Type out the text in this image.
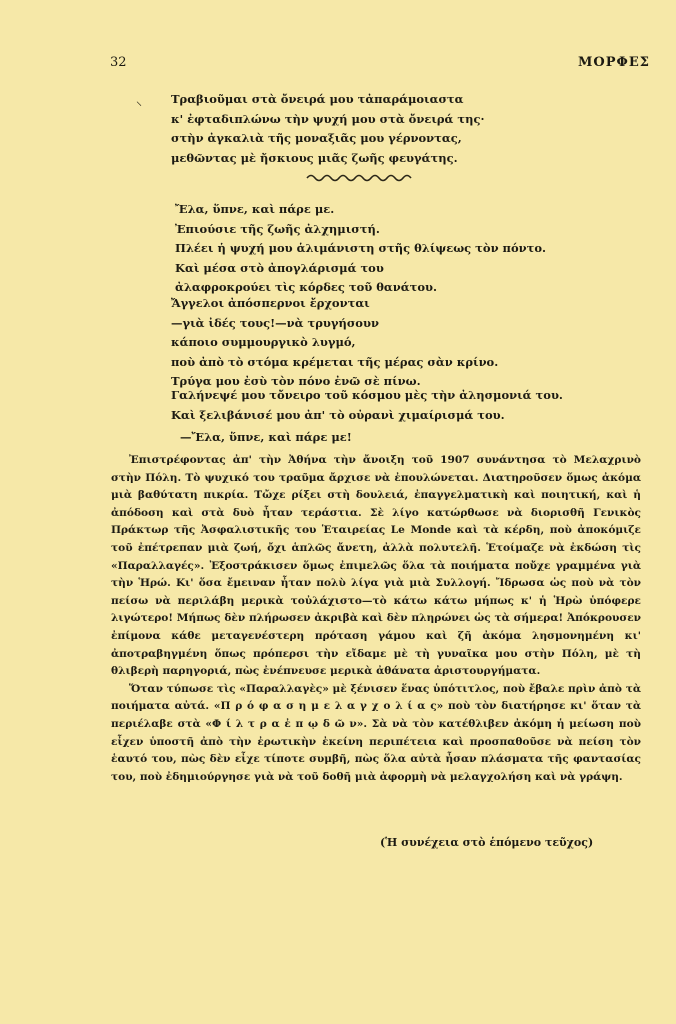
32	ΜΟΡΦΕΣ
⸜	Τραβιοῦμαι στὰ ὄνειρά μου τἀπαράμοιαστα
κ' ἐφταδιπλώνω τὴν ψυχή μου στὰ ὄνειρά της·
στὴν ἀγκαλιὰ τῆς μοναξιᾶς μου γέρνοντας,
μεθῶντας μὲ ἤσκιους μιᾶς ζωῆς φευγάτης.
Ἔλα, ὕπνε, καὶ πάρε με.
Ἐπιούσιε τῆς ζωῆς ἀλχημιστή.
Πλέει ἡ ψυχή μου ἁλιμάνιστη στῆς θλίψεως τὸν πόντο.
Καὶ μέσα στὸ ἀπογλάρισμά του
ἀλαφροκρούει τὶς κόρδες τοῦ θανάτου.
Ἄγγελοι ἀπόσπερνοι ἔρχονται
—γιὰ ἰδές τους!—νὰ τρυγήσουν
κάποιο συμμουργικὸ λυγμό,
ποὺ ἀπὸ τὸ στόμα κρέμεται τῆς μέρας σὰν κρίνο.
Τρύγα μου ἐσὺ τὸν πόνο ἐνῶ σὲ πίνω.
Γαλήνεψέ μου τὄνειρο τοῦ κόσμου μὲς τὴν ἀλησμονιά του.
Καὶ ξελιβάνισέ μου ἀπ' τὸ οὐρανὶ χιμαίρισμά του.
—Ἔλα, ὕπνε, καὶ πάρε με!

Ἐπιστρέφοντας ἀπ' τὴν Ἀθήνα τὴν ἄνοιξη τοῦ 1907 συνάντησα τὸ Μελαχρινὸ στὴν Πόλη. Τὸ ψυχικό του τραῦμα ἄρχισε νὰ ἐπουλώνεται. Διατηροῦσεν ὅμως ἀκόμα μιὰ βαθύτατη πικρία. Τὤχε ρίξει στὴ δουλειά, ἐπαγγελματικὴ καὶ ποιητική, καὶ ἡ ἀπόδοση καὶ στὰ δυὸ ἦταν τεράστια. Σὲ λίγο κατώρθωσε νὰ διορισθῆ Γενικὸς Πράκτωρ τῆς Ἀσφαλιστικῆς του Ἑταιρείας Le Monde καὶ τὰ κέρδη, ποὺ ἀποκόμιζε τοῦ ἐπέτρεπαν μιὰ ζωή, ὄχι ἁπλῶς ἄνετη, ἀλλὰ πολυτελῆ. Ἑτοίμαζε νὰ ἐκδώση τὶς «Παραλλαγές». Ἐξοστράκισεν ὅμως ἐπιμελῶς ὅλα τὰ ποιήματα ποὔχε γραμμένα γιὰ τὴν Ἡρώ. Κι' ὅσα ἔμειναν ἦταν πολὺ λίγα γιὰ μιὰ Συλλογή. Ἴδρωσα ὡς ποὺ νὰ τὸν πείσω νὰ περιλάβη μερικὰ τοὐλάχιστο—τὸ κάτω κάτω μήπως κ' ἡ Ἡρὼ ὑπόφερε λιγώτερο! Μήπως δὲν πλήρωσεν ἀκριβὰ καὶ δὲν πληρώνει ὡς τὰ σήμερα! Ἀπόκρουσεν ἐπίμονα κάθε μεταγενέστερη πρόταση γάμου καὶ ζῆ ἀκόμα λησμονημένη κι' ἀποτραβηγμένη ὅπως πρόπερσι τὴν εἴδαμε μὲ τὴ γυναῖκα μου στὴν Πόλη, μὲ τὴ θλιβερὴ παρηγοριά, πὼς ἐνέπνευσε μερικὰ ἀθάνατα ἀριστουργήματα.

Ὅταν τύπωσε τὶς «Παραλλαγὲς» μὲ ξένισεν ἕνας ὑπότιτλος, ποὺ ἔβαλε πρὶν ἀπὸ τὰ ποιήματα αὐτά. «Π ρ ό φ α σ η μ ε λ α γ χ ο λ ί α ς» ποὺ τὸν διατήρησε κι' ὅταν τὰ περιέλαβε στὰ «Φ ί λ τ ρ α ἐ π ῳ δ ῶ ν». Σὰ νὰ τὸν κατέθλιβεν ἀκόμη ἡ μείωση ποὺ εἶχεν ὑποστῆ ἀπὸ τὴν ἐρωτικὴν ἐκείνη περιπέτεια καὶ προσπαθοῦσε νὰ πείση τὸν ἑαυτό του, πὼς δὲν εἶχε τίποτε συμβῆ, πὼς ὅλα αὐτὰ ἦσαν πλάσματα τῆς φαντασίας του, ποὺ ἐδημιούργησε γιὰ νὰ τοῦ δοθῆ μιὰ ἀφορμὴ νὰ μελαγχολήση καὶ νὰ γράψη.

(Ἡ συνέχεια στὸ ἑπόμενο τεῦχος)
